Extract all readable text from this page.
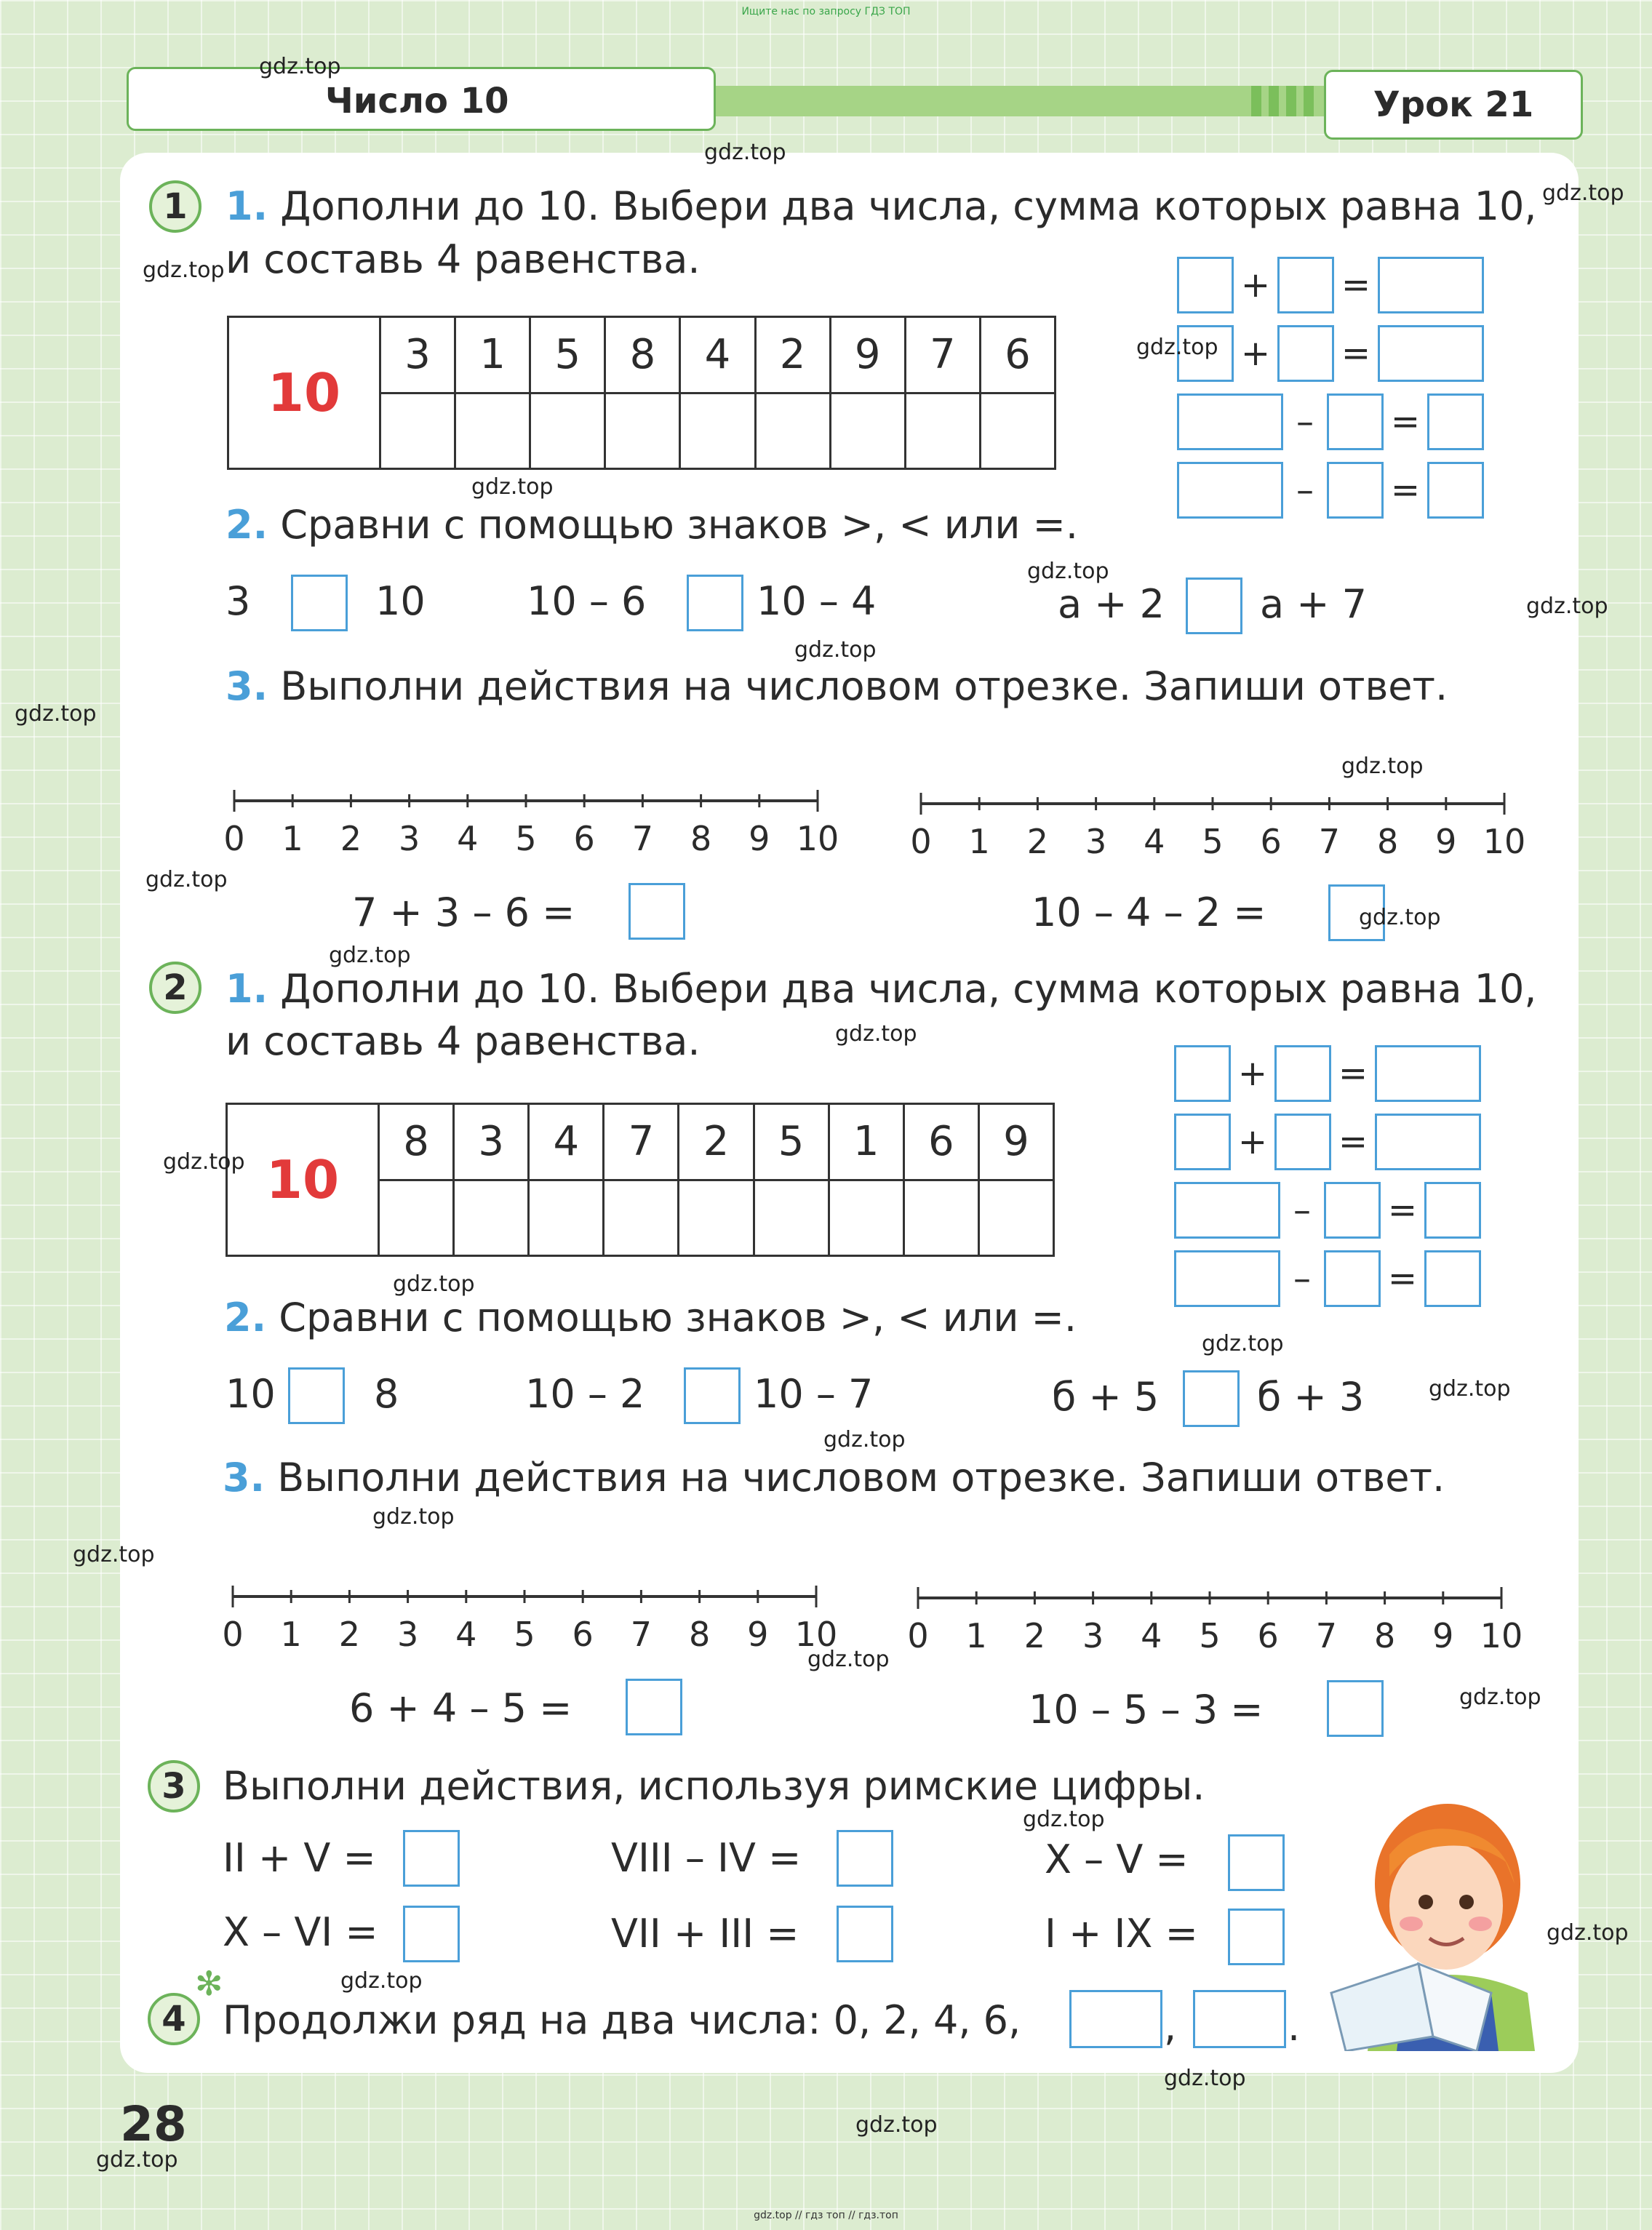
Ищите нас по запросу ГДЗ ТОП
Число 10	Урок 21
1 1. Дополни до 10. Выбери два числа, сумма которых равна 10,
и составь 4 равенства.
10	3	1	5	8	4	2	9	7	6

+ =
+ =
–	=
–	=
2. Сравни с помощью знаков >, < или =.
3	10	10 – 6	10 – 4	а + 2 а + 7
3. Выполни действия на числовом отрезке. Запиши ответ.
0	1	2	3	4	5	6	7	8	9 10	0	1	2	3	4	5	6	7	8	9 10
7 + 3 – 6 =	10 – 4 – 2 =
2 1. Дополни до 10. Выбери два числа, сумма которых равна 10,
и составь 4 равенства.
10	8	3	4	7	2	5	1	6	9

+ =
+ =
–	=
–	=
2. Сравни с помощью знаков >, < или =.
10	8	10 – 2	10 – 7	б + 5 б + 3
3. Выполни действия на числовом отрезке. Запиши ответ.
0	1	2	3	4	5	6	7	8	9 10	0	1	2	3	4	5	6	7	8	9 10
6 + 4 – 5 =	10 – 5 – 3 =
3 Выполни действия, используя римские цифры.
II + V =	VIII – IV =	X – V =
X – VI =	VII + III =	I + IX =
✻
4 Продолжи ряд на два числа: 0, 2, 4, 6,	,	.
28
gdz.top
gdz.top
gdz.top
gdz.top
gdz.top
gdz.top
gdz.top
gdz.top
gdz.top
gdz.top
gdz.top
gdz.top
gdz.top
gdz.top
gdz.top
gdz.top
gdz.top
gdz.top
gdz.top
gdz.top
gdz.top
gdz.top
gdz.top
gdz.top
gdz.top
gdz.top
gdz.top
gdz.top
gdz.top
gdz.top
gdz.top // гдз топ // гдз.топ
